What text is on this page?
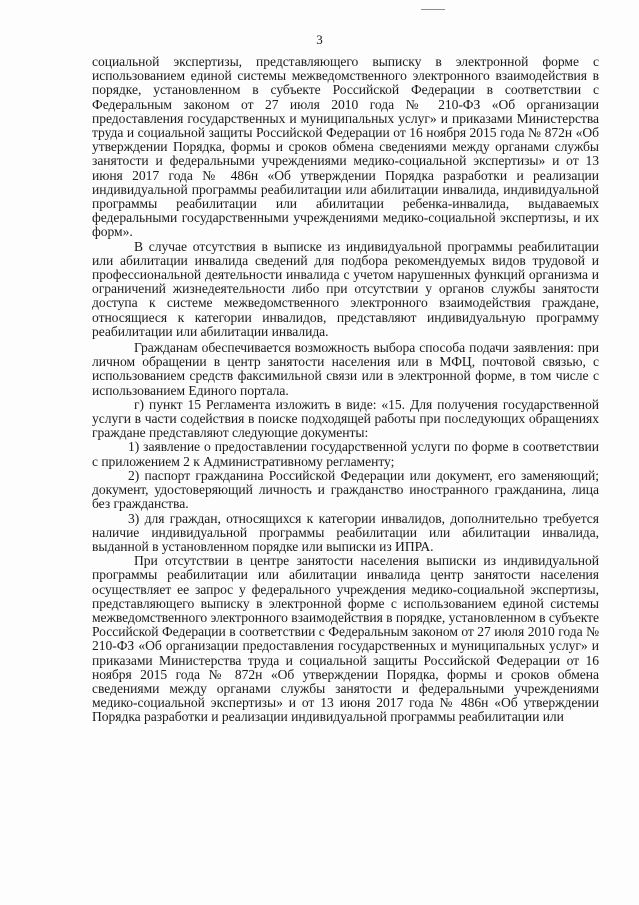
3

социальной экспертизы, представляющего выписку в электронной форме с использованием единой системы межведомственного электронного взаимодействия в порядке, установленном в субъекте Российской Федерации в соответствии с Федеральным законом от 27 июля 2010 года № 210-ФЗ «Об организации предоставления государственных и муниципальных услуг» и приказами Министерства труда и социальной защиты Российской Федерации от 16 ноября 2015 года № 872н «Об утверждении Порядка, формы и сроков обмена сведениями между органами службы занятости и федеральными учреждениями медико-социальной экспертизы» и от 13 июня 2017 года № 486н «Об утверждении Порядка разработки и реализации индивидуальной программы реабилитации или абилитации инвалида, индивидуальной программы реабилитации или абилитации ребенка-инвалида, выдаваемых федеральными государственными учреждениями медико-социальной экспертизы, и их форм».

В случае отсутствия в выписке из индивидуальной программы реабилитации или абилитации инвалида сведений для подбора рекомендуемых видов трудовой и профессиональной деятельности инвалида с учетом нарушенных функций организма и ограничений жизнедеятельности либо при отсутствии у органов службы занятости доступа к системе межведомственного электронного взаимодействия граждане, относящиеся к категории инвалидов, представляют индивидуальную программу реабилитации или абилитации инвалида.

Гражданам обеспечивается возможность выбора способа подачи заявления: при личном обращении в центр занятости населения или в МФЦ, почтовой связью, с использованием средств факсимильной связи или в электронной форме, в том числе с использованием Единого портала.

г) пункт 15 Регламента изложить в виде: «15. Для получения государственной услуги в части содействия в поиске подходящей работы при последующих обращениях граждане представляют следующие документы:

1) заявление о предоставлении государственной услуги по форме в соответствии с приложением 2 к Административному регламенту;

2) паспорт гражданина Российской Федерации или документ, его заменяющий; документ, удостоверяющий личность и гражданство иностранного гражданина, лица без гражданства.

3) для граждан, относящихся к категории инвалидов, дополнительно требуется наличие индивидуальной программы реабилитации или абилитации инвалида, выданной в установленном порядке или выписки из ИПРА.

При отсутствии в центре занятости населения выписки из индивидуальной программы реабилитации или абилитации инвалида центр занятости населения осуществляет ее запрос у федерального учреждения медико-социальной экспертизы, представляющего выписку в электронной форме с использованием единой системы межведомственного электронного взаимодействия в порядке, установленном в субъекте Российской Федерации в соответствии с Федеральным законом от 27 июля 2010 года № 210-ФЗ «Об организации предоставления государственных и муниципальных услуг» и приказами Министерства труда и социальной защиты Российской Федерации от 16 ноября 2015 года № 872н «Об утверждении Порядка, формы и сроков обмена сведениями между органами службы занятости и федеральными учреждениями медико-социальной экспертизы» и от 13 июня 2017 года № 486н «Об утверждении Порядка разработки и реализации индивидуальной программы реабилитации или
